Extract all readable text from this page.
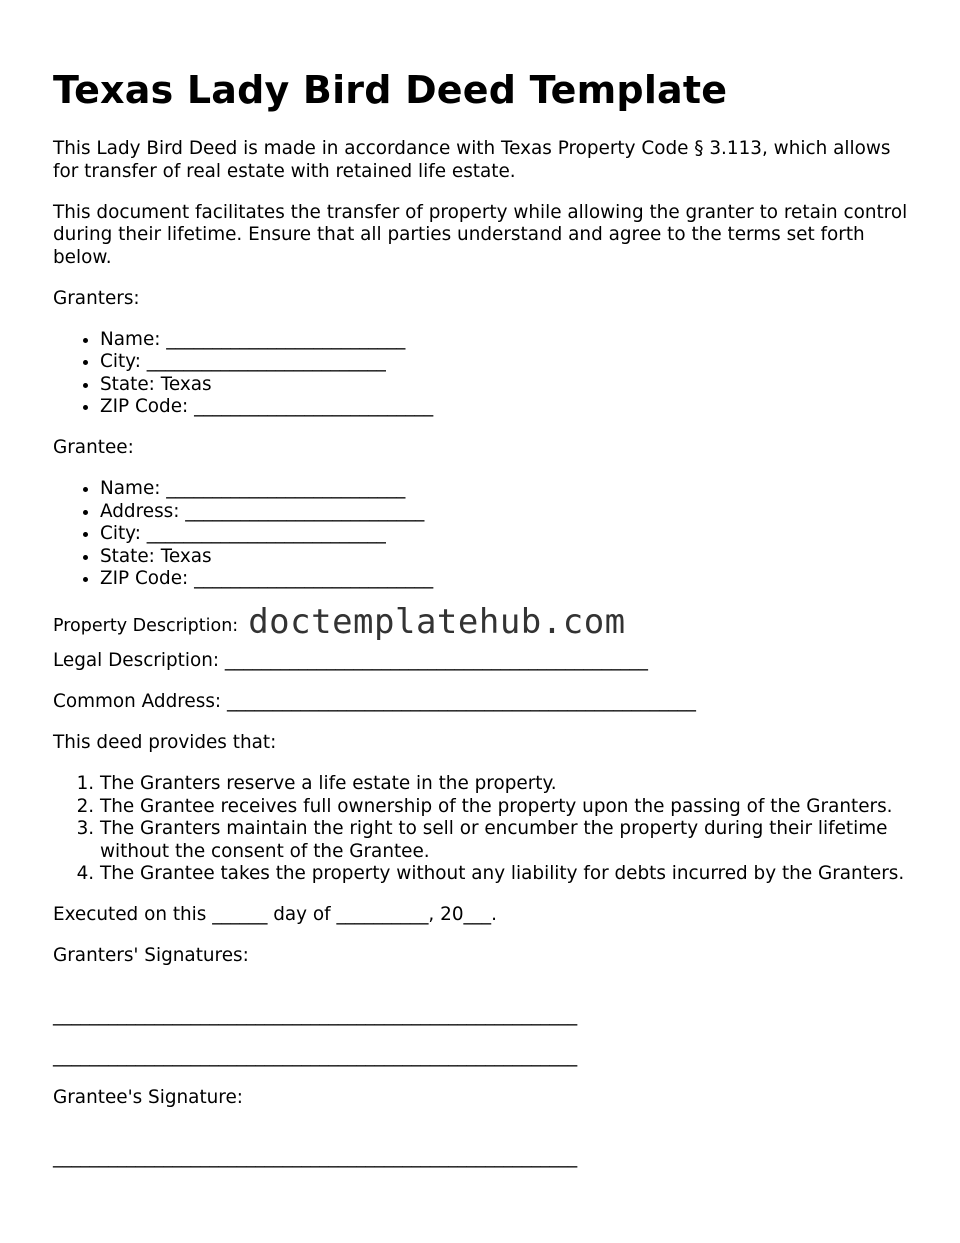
Texas Lady Bird Deed Template

This Lady Bird Deed is made in accordance with Texas Property Code § 3.113, which allows for transfer of real estate with retained life estate.

This document facilitates the transfer of property while allowing the granter to retain control during their lifetime. Ensure that all parties understand and agree to the terms set forth below.

Granters:

• Name: __________________________
• City: __________________________
• State: Texas
• ZIP Code: __________________________

Grantee:

• Name: __________________________
• Address: __________________________
• City: __________________________
• State: Texas
• ZIP Code: __________________________
Property Description: doctemplatehub.com

Legal Description: ______________________________________________

Common Address: ___________________________________________________

This deed provides that:

1. The Granters reserve a life estate in the property.
2. The Grantee receives full ownership of the property upon the passing of the Granters.
3. The Granters maintain the right to sell or encumber the property during their lifetime without the consent of the Grantee.
4. The Grantee takes the property without any liability for debts incurred by the Granters.

Executed on this ______ day of __________, 20___.

Granters' Signatures:

_________________________________________________________
_________________________________________________________

Grantee's Signature:

_________________________________________________________
